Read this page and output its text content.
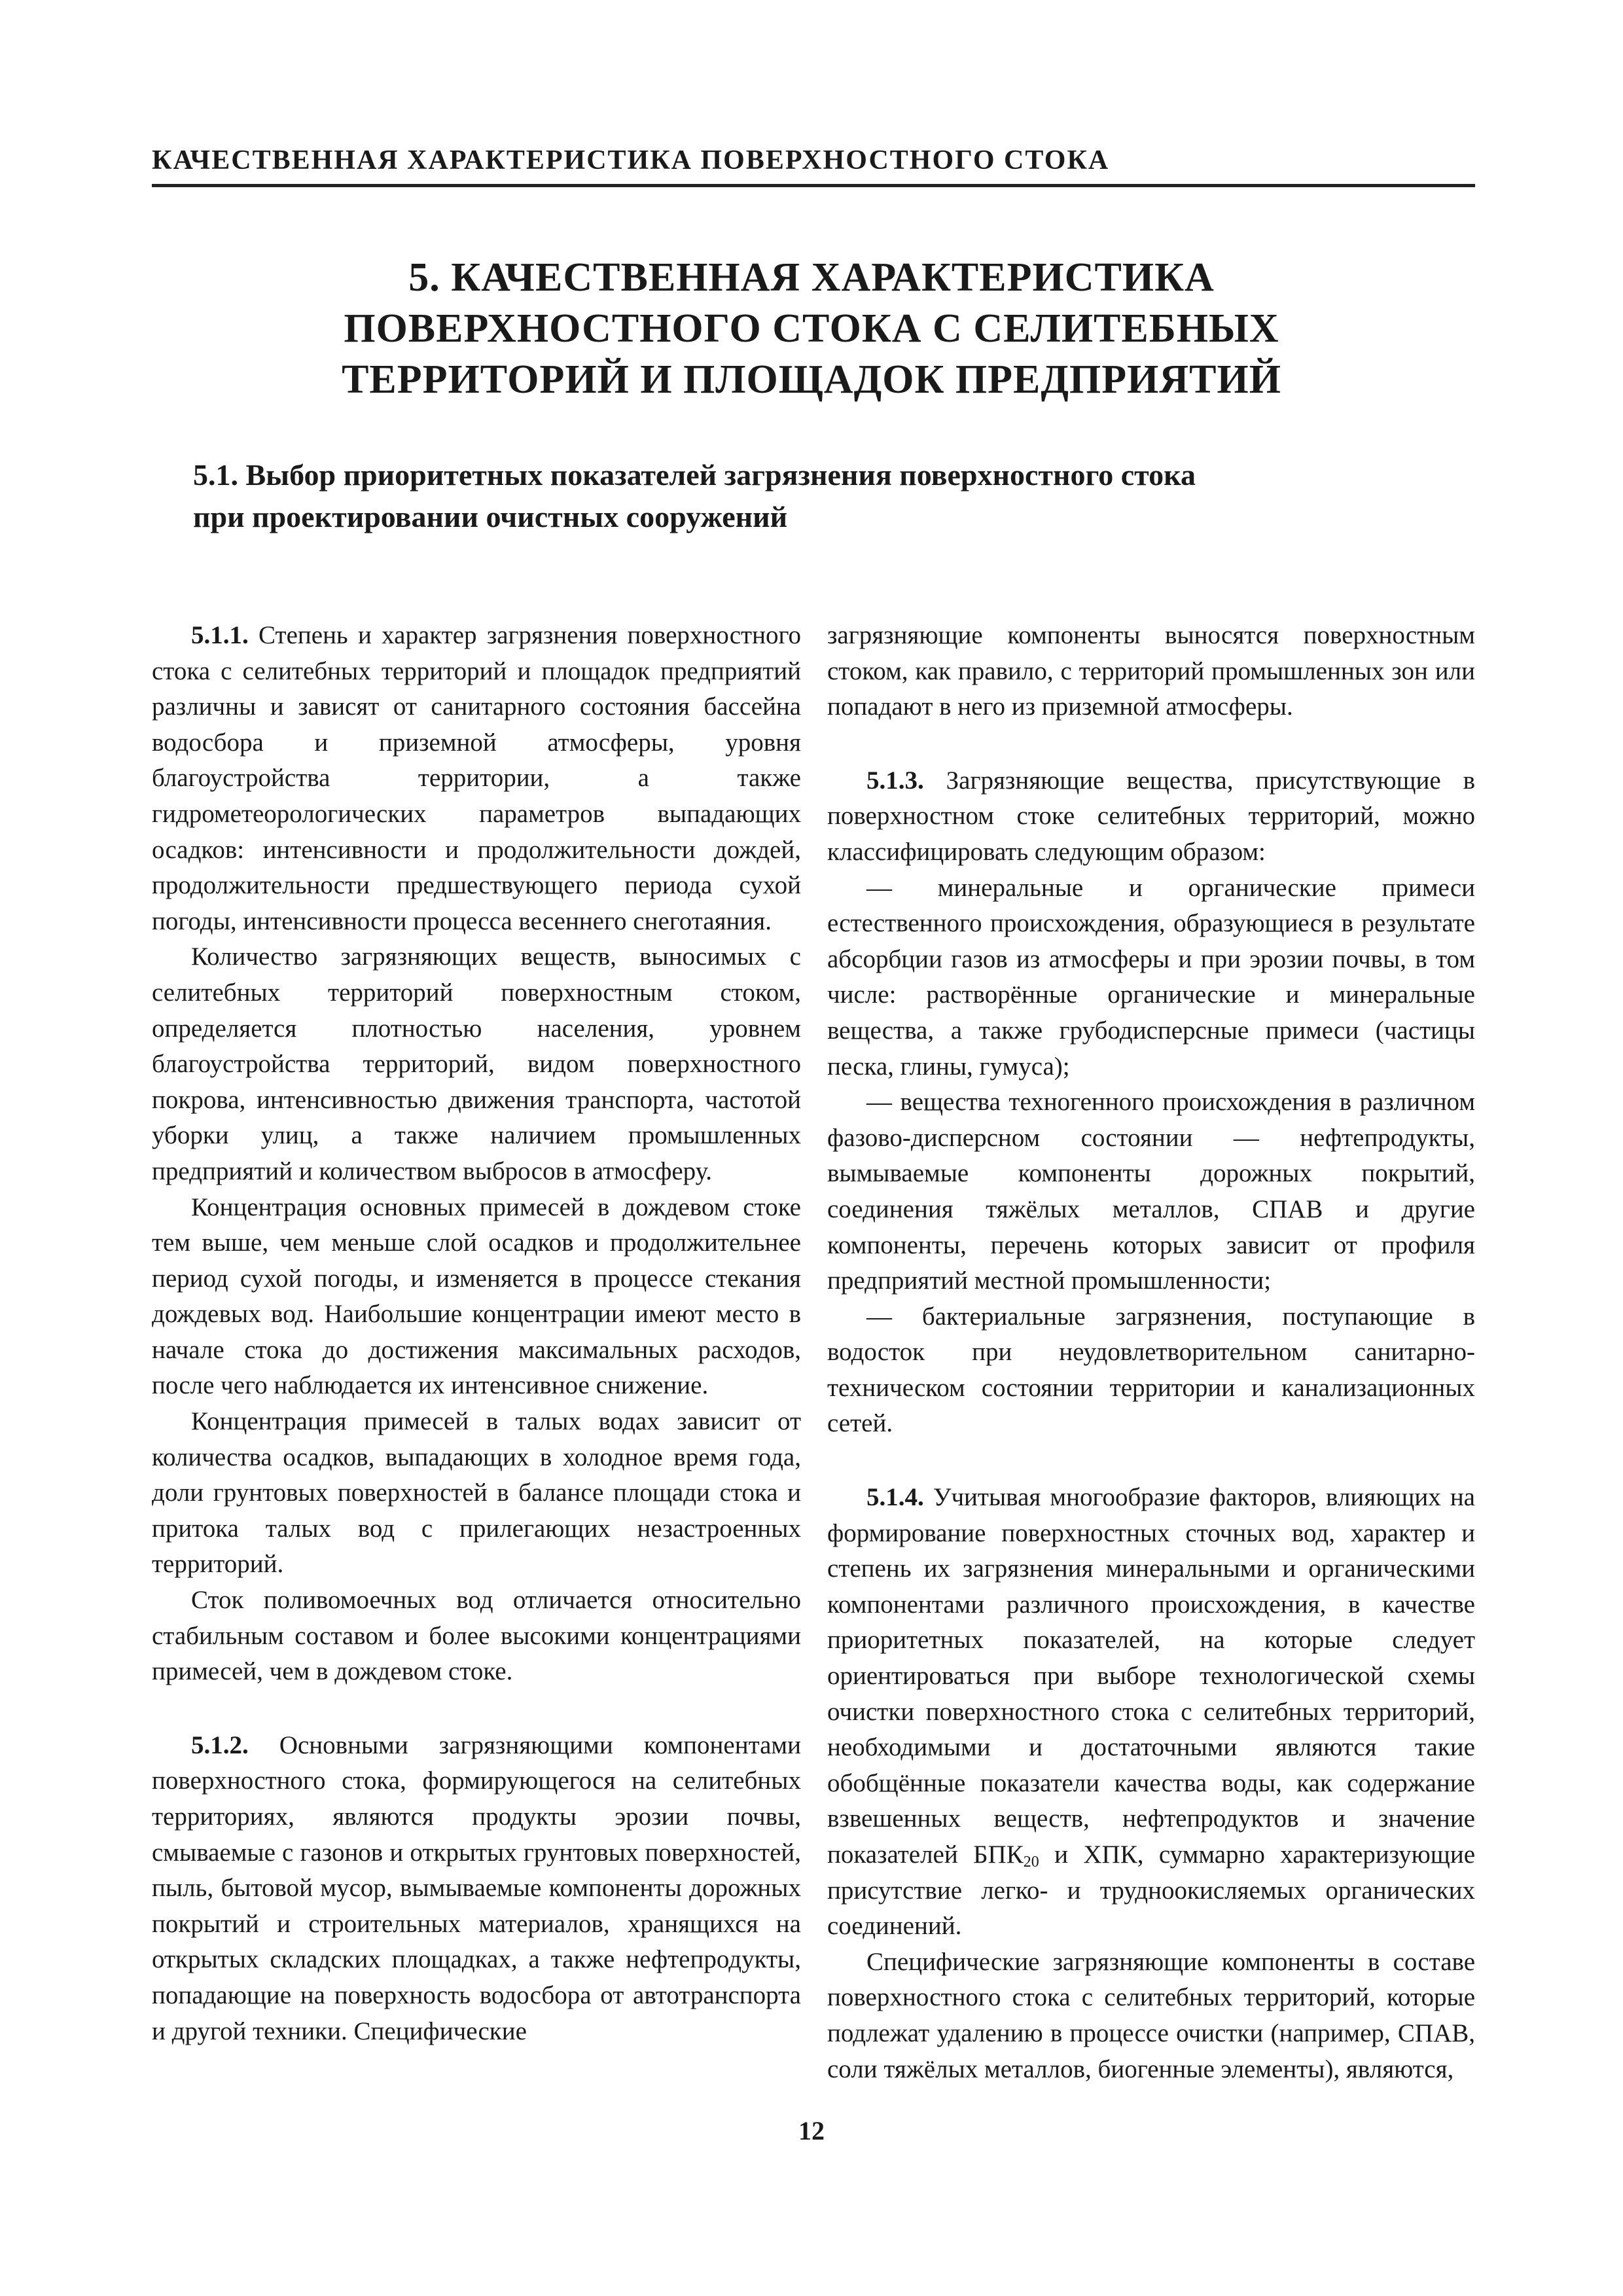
КАЧЕСТВЕННАЯ ХАРАКТЕРИСТИКА ПОВЕРХНОСТНОГО СТОКА
5. КАЧЕСТВЕННАЯ ХАРАКТЕРИСТИКА
ПОВЕРХНОСТНОГО СТОКА С СЕЛИТЕБНЫХ
ТЕРРИТОРИЙ И ПЛОЩАДОК ПРЕДПРИЯТИЙ
5.1. Выбор приоритетных показателей загрязнения поверхностного стока
при проектировании очистных сооружений

5.1.1. Степень и характер загрязнения поверхностного стока с селитебных территорий и площадок предприятий различны и зависят от санитарного состояния бассейна водосбора и приземной атмосферы, уровня благоустройства территории, а также гидрометеорологических параметров выпадающих осадков: интенсивности и продолжительности дождей, продолжительности предшествующего периода сухой погоды, интенсивности процесса весеннего снеготаяния.

Количество загрязняющих веществ, выносимых с селитебных территорий поверхностным стоком, определяется плотностью населения, уровнем благоустройства территорий, видом поверхностного покрова, интенсивностью движения транспорта, частотой уборки улиц, а также наличием промышленных предприятий и количеством выбросов в атмосферу.

Концентрация основных примесей в дождевом стоке тем выше, чем меньше слой осадков и продолжительнее период сухой погоды, и изменяется в процессе стекания дождевых вод. Наибольшие концентрации имеют место в начале стока до достижения максимальных расходов, после чего наблюдается их интенсивное снижение.

Концентрация примесей в талых водах зависит от количества осадков, выпадающих в холодное время года, доли грунтовых поверхностей в балансе площади стока и притока талых вод с прилегающих незастроенных территорий.

Сток поливомоечных вод отличается относительно стабильным составом и более высокими концентрациями примесей, чем в дождевом стоке.

5.1.2. Основными загрязняющими компонентами поверхностного стока, формирующегося на селитебных территориях, являются продукты эрозии почвы, смываемые с газонов и открытых грунтовых поверхностей, пыль, бытовой мусор, вымываемые компоненты дорожных покрытий и строительных материалов, хранящихся на открытых складских площадках, а также нефтепродукты, попадающие на поверхность водосбора от автотранспорта и другой техники. Специфические

загрязняющие компоненты выносятся поверхностным стоком, как правило, с территорий промышленных зон или попадают в него из приземной атмосферы.

5.1.3. Загрязняющие вещества, присутствующие в поверхностном стоке селитебных территорий, можно классифицировать следующим образом:

— минеральные и органические примеси естественного происхождения, образующиеся в результате абсорбции газов из атмосферы и при эрозии почвы, в том числе: растворённые органические и минеральные вещества, а также грубодисперсные примеси (частицы песка, глины, гумуса);

— вещества техногенного происхождения в различном фазово-дисперсном состоянии — нефтепродукты, вымываемые компоненты дорожных покрытий, соединения тяжёлых металлов, СПАВ и другие компоненты, перечень которых зависит от профиля предприятий местной промышленности;

— бактериальные загрязнения, поступающие в водосток при неудовлетворительном санитарно-техническом состоянии территории и канализационных сетей.

5.1.4. Учитывая многообразие факторов, влияющих на формирование поверхностных сточных вод, характер и степень их загрязнения минеральными и органическими компонентами различного происхождения, в качестве приоритетных показателей, на которые следует ориентироваться при выборе технологической схемы очистки поверхностного стока с селитебных территорий, необходимыми и достаточными являются такие обобщённые показатели качества воды, как содержание взвешенных веществ, нефтепродуктов и значение показателей $БПК_{20}$ и ХПК, суммарно характеризующие присутствие легко- и трудноокисляемых органических соединений.

Специфические загрязняющие компоненты в составе поверхностного стока с селитебных территорий, которые подлежат удалению в процессе очистки (например, СПАВ, соли тяжёлых металлов, биогенные элементы), являются,

12
